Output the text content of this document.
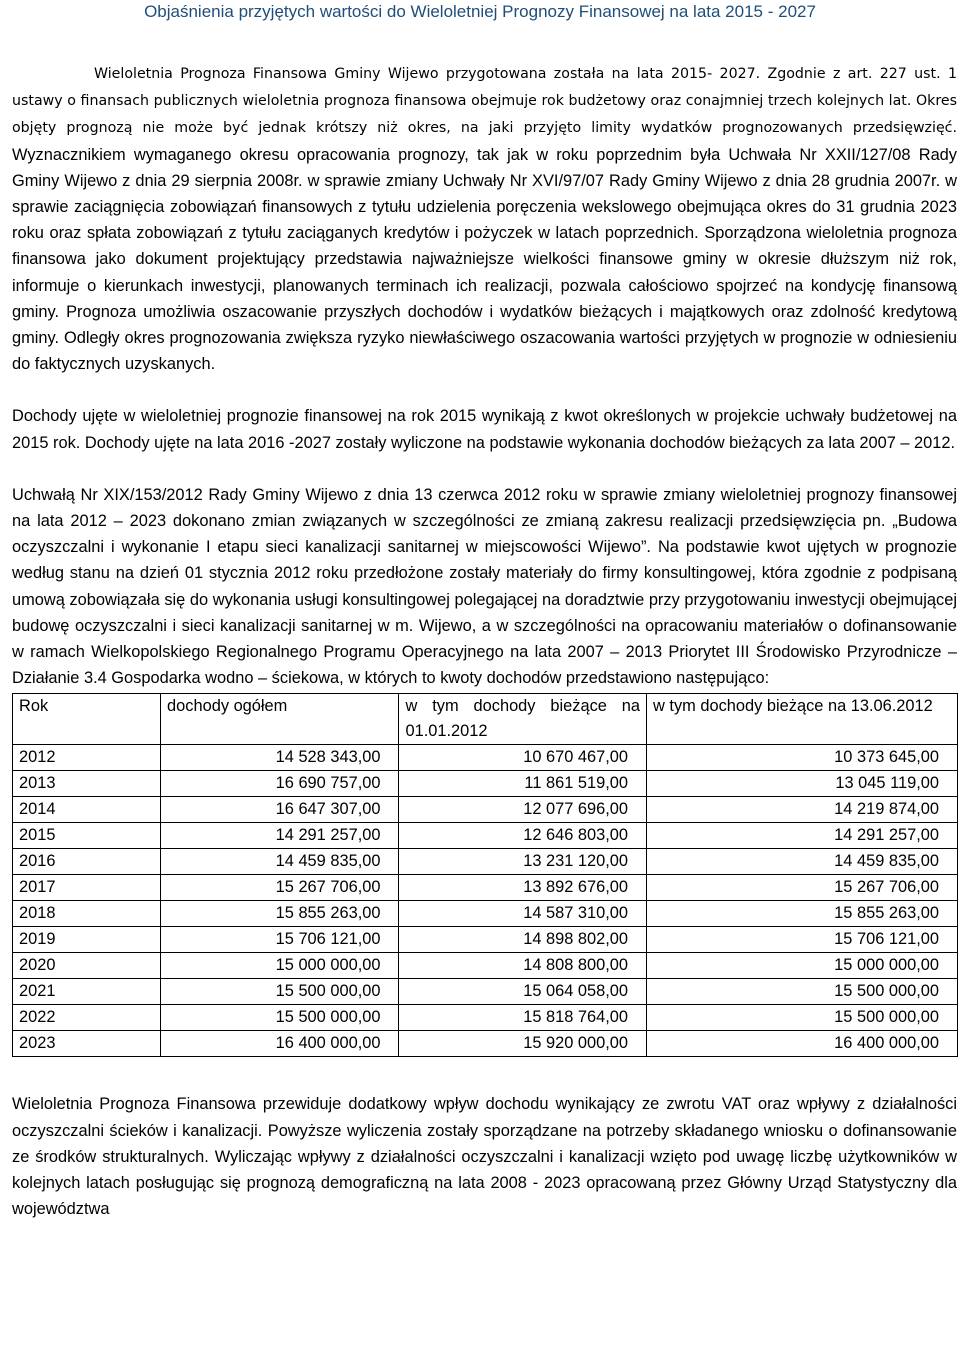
Objaśnienia przyjętych wartości do Wieloletniej Prognozy Finansowej na lata 2015 - 2027

Wieloletnia Prognoza Finansowa Gminy Wijewo przygotowana została na lata 2015- 2027. Zgodnie z art. 227 ust. 1 ustawy o finansach publicznych wieloletnia prognoza finansowa obejmuje rok budżetowy oraz conajmniej trzech kolejnych lat. Okres objęty prognozą nie może być jednak krótszy niż okres, na jaki przyjęto limity wydatków prognozowanych przedsięwzięć. Wyznacznikiem wymaganego okresu opracowania prognozy, tak jak w roku poprzednim była Uchwała Nr XXII/127/08 Rady Gminy Wijewo z dnia 29 sierpnia 2008r. w sprawie zmiany Uchwały Nr XVI/97/07 Rady Gminy Wijewo z dnia 28 grudnia 2007r. w sprawie zaciągnięcia zobowiązań finansowych z tytułu udzielenia poręczenia wekslowego obejmująca okres do 31 grudnia 2023 roku oraz spłata zobowiązań z tytułu zaciąganych kredytów i pożyczek w latach poprzednich. Sporządzona wieloletnia prognoza finansowa jako dokument projektujący przedstawia najważniejsze wielkości finansowe gminy w okresie dłuższym niż rok, informuje o kierunkach inwestycji, planowanych terminach ich realizacji, pozwala całościowo spojrzeć na kondycję finansową gminy. Prognoza umożliwia oszacowanie przyszłych dochodów i wydatków bieżących i majątkowych oraz zdolność kredytową gminy. Odległy okres prognozowania zwiększa ryzyko niewłaściwego oszacowania wartości przyjętych w prognozie w odniesieniu do faktycznych uzyskanych.

Dochody ujęte w wieloletniej prognozie finansowej na rok 2015 wynikają z kwot określonych w projekcie uchwały budżetowej na 2015 rok. Dochody ujęte na lata 2016 -2027 zostały wyliczone na podstawie wykonania dochodów bieżących za lata 2007 – 2012.

Uchwałą Nr XIX/153/2012 Rady Gminy Wijewo z dnia 13 czerwca 2012 roku w sprawie zmiany wieloletniej prognozy finansowej na lata 2012 – 2023 dokonano zmian związanych w szczególności ze zmianą zakresu realizacji przedsięwzięcia pn. „Budowa oczyszczalni i wykonanie I etapu sieci kanalizacji sanitarnej w miejscowości Wijewo”. Na podstawie kwot ujętych w prognozie według stanu na dzień 01 stycznia 2012 roku przedłożone zostały materiały do firmy konsultingowej, która zgodnie z podpisaną umową zobowiązała się do wykonania usługi konsultingowej polegającej na doradztwie przy przygotowaniu inwestycji obejmującej budowę oczyszczalni i sieci kanalizacji sanitarnej w m. Wijewo, a w szczególności na opracowaniu materiałów o dofinansowanie w ramach Wielkopolskiego Regionalnego Programu Operacyjnego na lata 2007 – 2013 Priorytet III Środowisko Przyrodnicze – Działanie 3.4 Gospodarka wodno – ściekowa, w których to kwoty dochodów przedstawiono następująco:

Rok	dochody ogółem	w tym dochody bieżące na 01.01.2012	w tym dochody bieżące na 13.06.2012
2012	14 528 343,00	10 670 467,00	10 373 645,00
2013	16 690 757,00	11 861 519,00	13 045 119,00
2014	16 647 307,00	12 077 696,00	14 219 874,00
2015	14 291 257,00	12 646 803,00	14 291 257,00
2016	14 459 835,00	13 231 120,00	14 459 835,00
2017	15 267 706,00	13 892 676,00	15 267 706,00
2018	15 855 263,00	14 587 310,00	15 855 263,00
2019	15 706 121,00	14 898 802,00	15 706 121,00
2020	15 000 000,00	14 808 800,00	15 000 000,00
2021	15 500 000,00	15 064 058,00	15 500 000,00
2022	15 500 000,00	15 818 764,00	15 500 000,00
2023	16 400 000,00	15 920 000,00	16 400 000,00

Wieloletnia Prognoza Finansowa przewiduje dodatkowy wpływ dochodu wynikający ze zwrotu VAT oraz wpływy z działalności oczyszczalni ścieków i kanalizacji. Powyższe wyliczenia zostały sporządzane na potrzeby składanego wniosku o dofinansowanie ze środków strukturalnych. Wyliczając wpływy z działalności oczyszczalni i kanalizacji wzięto pod uwagę liczbę użytkowników w kolejnych latach posługując się prognozą demograficzną na lata 2008 - 2023 opracowaną przez Główny Urząd Statystyczny dla województwa
